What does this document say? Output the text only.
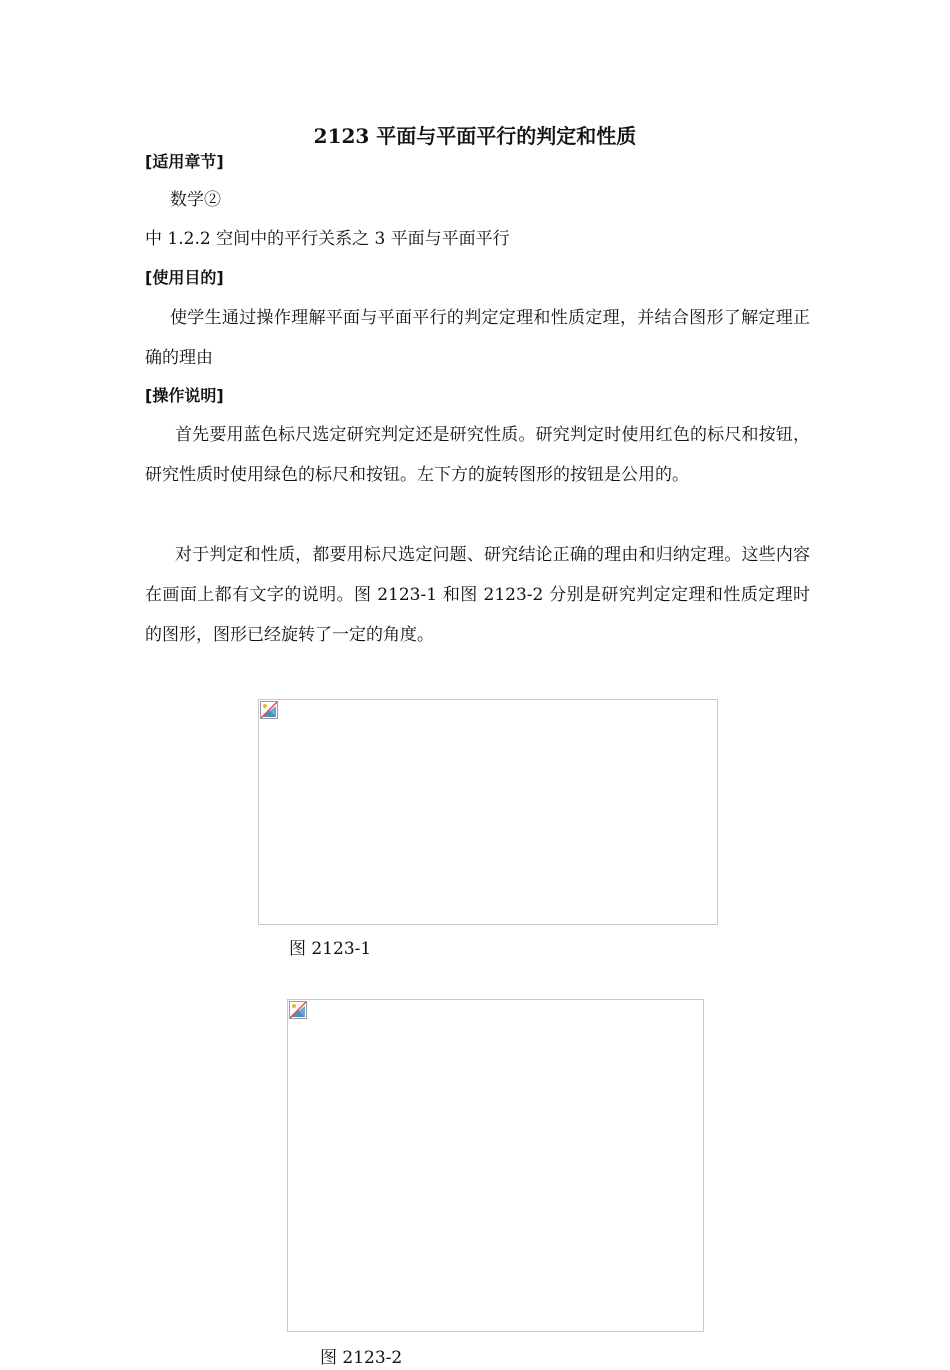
2123 平面与平面平行的判定和性质
[适用章节]
数学②
中 1.2.2 空间中的平行关系之 3 平面与平面平行
[使用目的]
使学生通过操作理解平面与平面平行的判定定理和性质定理，并结合图形了解定理正确的理由
[操作说明]
首先要用蓝色标尺选定研究判定还是研究性质。研究判定时使用红色的标尺和按钮，研究性质时使用绿色的标尺和按钮。左下方的旋转图形的按钮是公用的。
对于判定和性质，都要用标尺选定问题、研究结论正确的理由和归纳定理。这些内容在画面上都有文字的说明。图 2123-1 和图 2123-2 分别是研究判定定理和性质定理时的图形，图形已经旋转了一定的角度。
图 2123-1
图 2123-2
